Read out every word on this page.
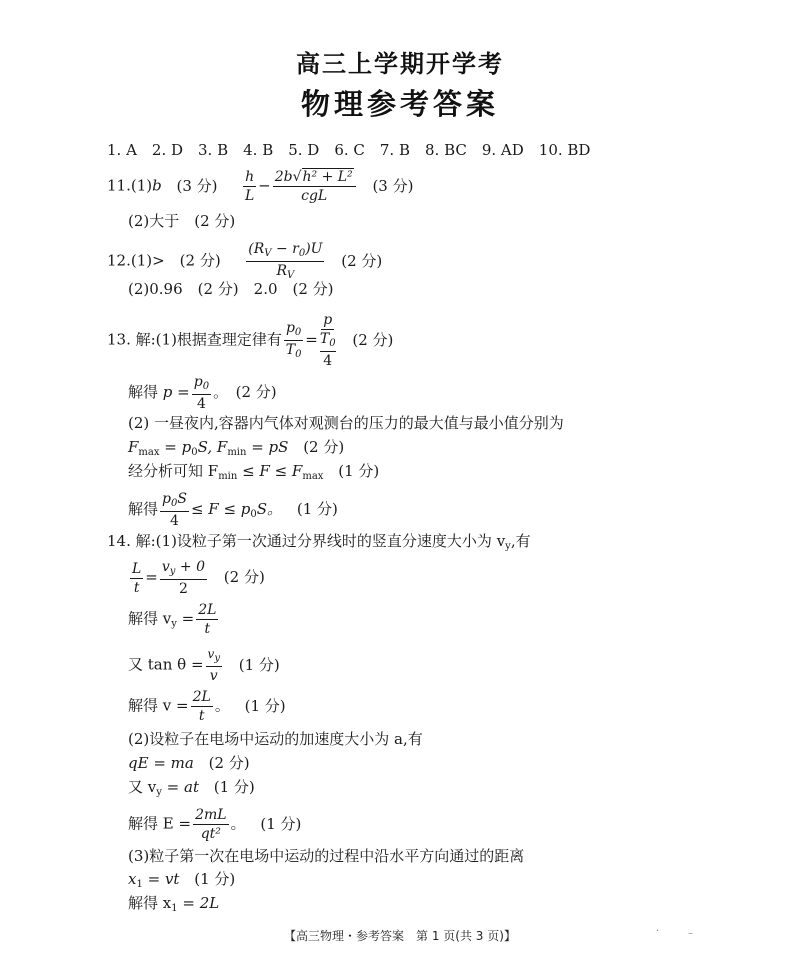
高三上学期开学考
物理参考答案
1. A　2. D　3. B　4. B　5. D　6. C　7. B　8. BC　9. AD　10. BD
11.(1)b (3 分) $\frac{h}{L} - \frac{\text{2b√h² + L²}}{\text{cgL}} (3$ 分)
(2)大于　(2 分)
12.(1)>　(2 分) $\frac{(R_V - r_0)U}{R_V} (2$ 分)
(2)0.96　(2 分)　2.0　(2 分)
13. 解:(1)根据查理定律有 $\frac{p_0}{T_0}$ =
p
$T_0$
4
(2 分)
解得 $p = \frac{p_0}{4}$ 。　(2 分)
(2) 一昼夜内,容器内气体对观测台的压力的最大值与最小值分别为
$F_{max} = p_0S$, $F_{min}$ = pS (2 分)
经分析可知 $F_{min} \le F \le F_{max}$ (1 分)
解得 $\frac{p_0S}{4} \le F \le p_0S$。 (1 分)
14. 解:(1)设粒子第一次通过分界线时的竖直分速度大小为 $v_y$,有
$\frac{L}{t} = \frac{v_y + 0}{2} (2$ 分)
解得 $v_y = \frac{2L}{t}$
又 $\tan \theta = \frac{v_y}{v} (1$ 分)
解得 $v = \frac{2L}{t}$ 。 (1 分)
(2)设粒子在电场中运动的加速度大小为 a,有
qE = ma (2 分)
又 $v_y$ = at (1 分)
解得 $E = \frac{2mL}{\text{qt²}}$ 。 (1 分)
(3)粒子第一次在电场中运动的过程中沿水平方向通过的距离
$x_1$ = vt (1 分)
解得 $x_1 = 2L$
【高三物理・参考答案　第 1 页(共 3 页)】	·	–
